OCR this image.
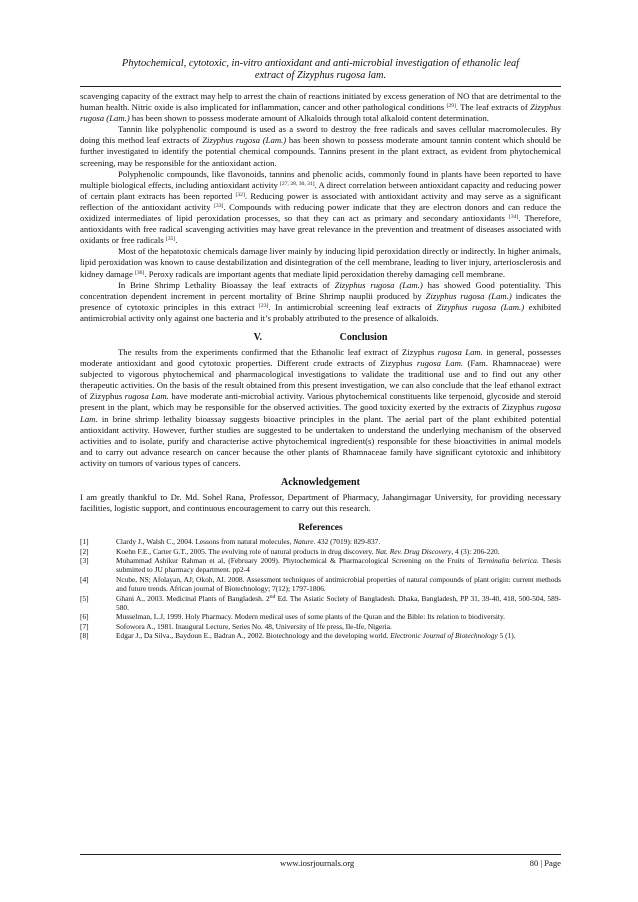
Phytochemical, cytotoxic, in-vitro antioxidant and anti-microbial investigation of ethanolic leaf
extract of Zizyphus rugosa lam.

scavenging capacity of the extract may help to arrest the chain of reactions initiated by excess generation of NO that are detrimental to the human health. Nitric oxide is also implicated for inflammation, cancer and other pathological conditions [29]. The leaf extracts of Zizyphus rugosa (Lam.) has been shown to possess moderate amount of Alkaloids through total alkaloid content determination.

Tannin like polyphenolic compound is used as a sword to destroy the free radicals and saves cellular macromolecules. By doing this method leaf extracts of Zizyphus rugosa (Lam.) has been shown to possess moderate amount tannin content which should be further investigated to identify the potential chemical compounds. Tannins present in the plant extract, as evident from phytochemical screening, may be responsible for the antioxidant action.

Polyphenolic compounds, like flavonoids, tannins and phenolic acids, commonly found in plants have been reported to have multiple biological effects, including antioxidant activity [27, 28, 30, 31]. A direct correlation between antioxidant capacity and reducing power of certain plant extracts has been reported [32]. Reducing power is associated with antioxidant activity and may serve as a significant reflection of the antioxidant activity [33]. Compounds with reducing power indicate that they are electron donors and can reduce the oxidized intermediates of lipid peroxidation processes, so that they can act as primary and secondary antioxidants [34]. Therefore, antioxidants with free radical scavenging activities may have great relevance in the prevention and treatment of diseases associated with oxidants or free radicals [35].

Most of the hepatotoxic chemicals damage liver mainly by inducing lipid peroxidation directly or indirectly. In higher animals, lipid peroxidation was known to cause destabilization and disintegration of the cell membrane, leading to liver injury, arteriosclerosis and kidney damage [36]. Peroxy radicals are important agents that mediate lipid peroxidation thereby damaging cell membrane.

In Brine Shrimp Lethality Bioassay the leaf extracts of Zizyphus rugosa (Lam.) has showed Good potentiality. This concentration dependent increment in percent mortality of Brine Shrimp nauplii produced by Zizyphus rugosa (Lam.) indicates the presence of cytotoxic principles in this extract [23]. In antimicrobial screening leaf extracts of Zizyphus rugosa (Lam.) exhibited antimicrobial activity only against one bacteria and it’s probably attributed to the presence of alkaloids.

V.	Conclusion

The results from the experiments confirmed that the Ethanolic leaf extract of Zizyphus rugosa Lam. in general, possesses moderate antioxidant and good cytotoxic properties. Different crude extracts of Zizyphus rugosa Lam. (Fam. Rhamnaceae) were subjected to vigorous phytochemical and pharmacological investigations to validate the traditional use and to find out any other therapeutic activities. On the basis of the result obtained from this present investigation, we can also conclude that the leaf ethanol extract of Zizyphus rugosa Lam. have moderate anti-microbial activity. Various phytochemical constituents like terpenoid, glycoside and steroid present in the plant, which may be responsible for the observed activities. The good toxicity exerted by the extracts of Zizyphus rugosa Lam. in brine shrimp lethality bioassay suggests bioactive principles in the plant. The aerial part of the plant exhibited potential antioxidant activity. However, further studies are suggested to be undertaken to understand the underlying mechanism of the observed activities and to isolate, purify and characterise active phytochemical ingredient(s) responsible for these bioactivities in animal models and to carry out advance research on cancer because the other plants of Rhamnaceae family have significant cytotoxic and inhibitory activity on tumors of various types of cancers.

Acknowledgement

I am greatly thankful to Dr. Md. Sohel Rana, Professor, Department of Pharmacy, Jahangirnagar University, for providing necessary facilities, logistic support, and continuous encouragement to carry out this research.

References
[1]	Clardy J., Walsh C., 2004. Lessons from natural molecules, Nature. 432 (7019): 829-837.
[2]	Koehn F.E., Carter G.T., 2005. The evolving role of natural products in drug discovery. Nat. Rev. Drug Discovery, 4 (3): 206-220.
[3]	Muhammad Ashikur Rahman et al, (February 2009). Phytochemical & Pharmacological Screening on the Fruits of Terminalia belerica. Thesis submitted to JU pharmacy department. pp2-4
[4]	Ncube, NS; Afolayan, AJ; Okoh, AI. 2008. Assessment techniques of antimicrobial properties of natural compounds of plant origin: current methods and future trends. African journal of Biotechnology; 7(12); 1797-1806.
[5]	Ghani A., 2003. Medicinal Plants of Bangladesh. 2nd Ed. The Asiatic Society of Bangladesh. Dhaka, Bangladesh, PP 31, 39-40, 418, 500-504, 589-580.
[6]	Musselman, L.J, 1999. Holy Pharmacy. Modern medical uses of some plants of the Quran and the Bible: Its relation to biodiversity.
[7]	Sofowora A., 1981. Inaugural Lecture, Series No. 48, University of Ife press, Ile-Ife, Nigeria.
[8]	Edgar J., Da Silva., Baydoun E., Badran A., 2002. Biotechnology and the developing world. Electronic Journal of Biotechnology 5 (1).
www.iosrjournals.org	80 | Page
